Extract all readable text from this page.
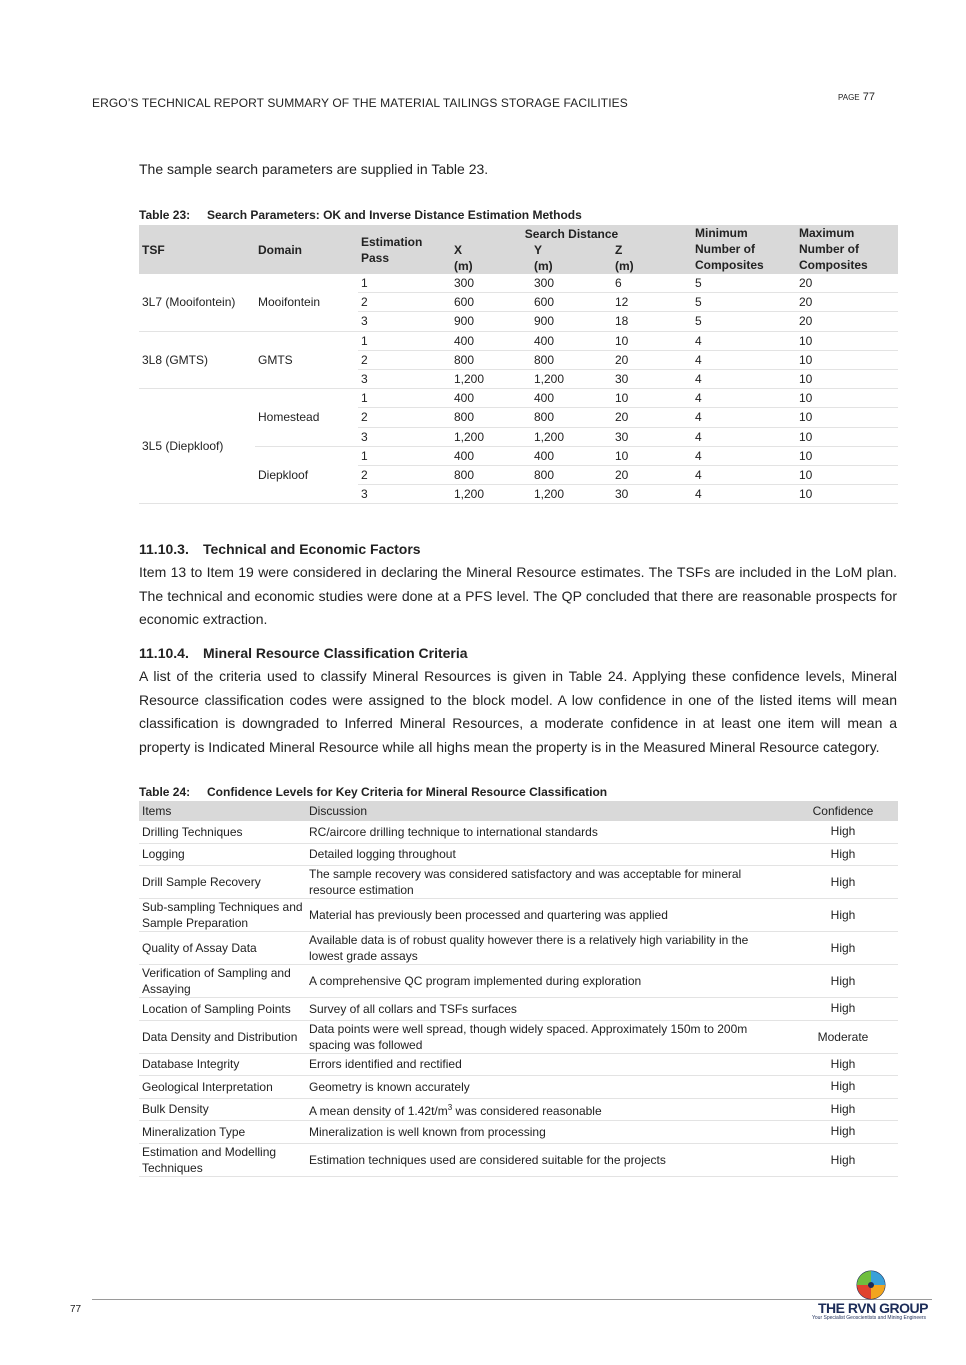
ERGO’S TECHNICAL REPORT SUMMARY OF THE MATERIAL TAILINGS STORAGE FACILITIES	PAGE 77
The sample search parameters are supplied in Table 23.
Table 23: Search Parameters: OK and Inverse Distance Estimation Methods
TSF	Domain	Estimation Pass	Search Distance			Minimum Number of Composites	Maximum Number of Composites
			X	Y	Z		
			(m)	(m)	(m)		
3L7 (Mooifontein)	Mooifontein	1	300	300	6	5	20
		2	600	600	12	5	20
		3	900	900	18	5	20
3L8 (GMTS)	GMTS	1	400	400	10	4	10
		2	800	800	20	4	10
		3	1,200	1,200	30	4	10
3L5 (Diepkloof)	Homestead	1	400	400	10	4	10
		2	800	800	20	4	10
		3	1,200	1,200	30	4	10
	Diepkloof	1	400	400	10	4	10
		2	800	800	20	4	10
		3	1,200	1,200	30	4	10
11.10.3. Technical and Economic Factors
Item 13 to Item 19 were considered in declaring the Mineral Resource estimates. The TSFs are included in the LoM plan. The technical and economic studies were done at a PFS level. The QP concluded that there are reasonable prospects for economic extraction.
11.10.4. Mineral Resource Classification Criteria
A list of the criteria used to classify Mineral Resources is given in Table 24. Applying these confidence levels, Mineral Resource classification codes were assigned to the block model. A low confidence in one of the listed items will mean classification is downgraded to Inferred Mineral Resources, a moderate confidence in at least one item will mean a property is Indicated Mineral Resource while all highs mean the property is in the Measured Mineral Resource category.
Table 24: Confidence Levels for Key Criteria for Mineral Resource Classification
Items	Discussion	Confidence
Drilling Techniques	RC/aircore drilling technique to international standards	High
Logging	Detailed logging throughout	High
Drill Sample Recovery	The sample recovery was considered satisfactory and was acceptable for mineral resource estimation	High
Sub-sampling Techniques and Sample Preparation	Material has previously been processed and quartering was applied	High
Quality of Assay Data	Available data is of robust quality however there is a relatively high variability in the lowest grade assays	High
Verification of Sampling and Assaying	A comprehensive QC program implemented during exploration	High
Location of Sampling Points	Survey of all collars and TSFs surfaces	High
Data Density and Distribution	Data points were well spread, though widely spaced. Approximately 150m to 200m spacing was followed	Moderate
Database Integrity	Errors identified and rectified	High
Geological Interpretation	Geometry is known accurately	High
Bulk Density	A mean density of $1.42t/m^3$ was considered reasonable	High
Mineralization Type	Mineralization is well known from processing	High
Estimation and Modelling Techniques	Estimation techniques used are considered suitable for the projects	High
77	THE RVN GROUP
Your Specialist Geoscientists and Mining Engineers
